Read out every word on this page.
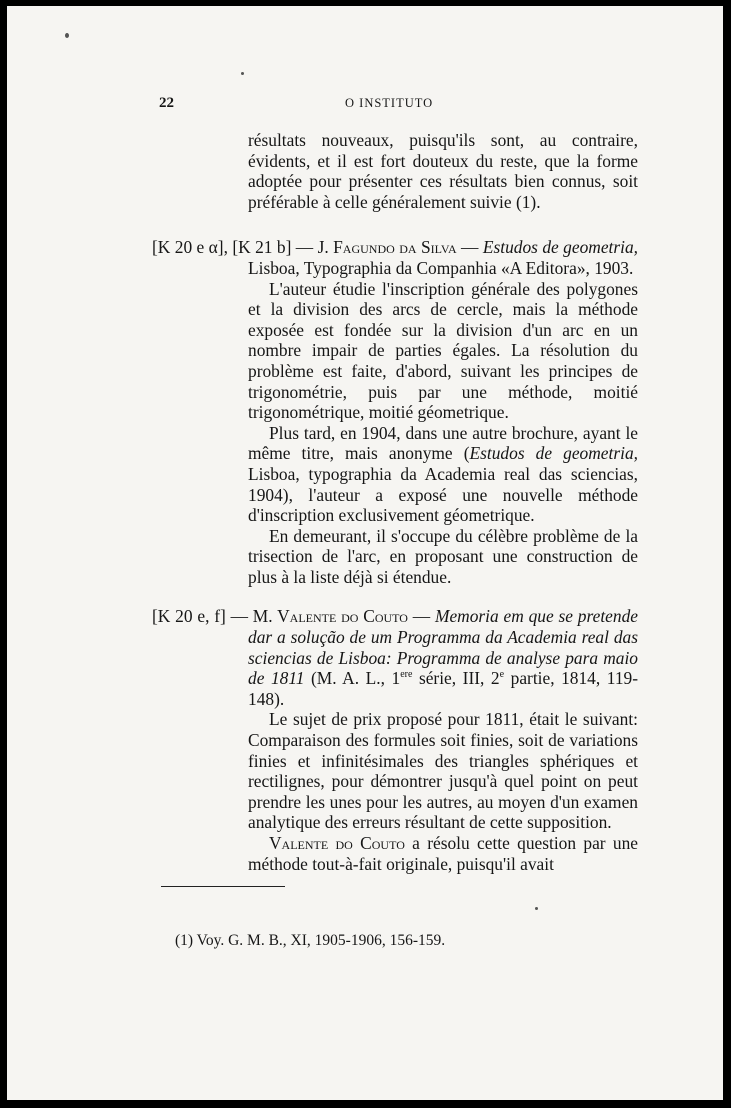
22	O INSTITUTO

résultats nouveaux, puisqu'ils sont, au contraire, évidents, et il est fort douteux du reste, que la forme adoptée pour présenter ces résultats bien connus, soit préférable à celle généralement suivie (1).

[K 20 e α], [K 21 b] — J. Fagundo da Silva — Estudos de geometria, Lisboa, Typographia da Companhia «A Editora», 1903.

L'auteur étudie l'inscription générale des polygones et la division des arcs de cercle, mais la méthode exposée est fondée sur la division d'un arc en un nombre impair de parties égales. La résolution du problème est faite, d'abord, suivant les principes de trigonométrie, puis par une méthode, moitié trigonométrique, moitié géometrique.

Plus tard, en 1904, dans une autre brochure, ayant le même titre, mais anonyme (Estudos de geometria, Lisboa, typographia da Academia real das sciencias, 1904), l'auteur a exposé une nouvelle méthode d'inscription exclusivement géometrique.

En demeurant, il s'occupe du célèbre problème de la trisection de l'arc, en proposant une construction de plus à la liste déjà si étendue.

[K 20 e, f] — M. Valente do Couto — Memoria em que se pretende dar a solução de um Programma da Academia real das sciencias de Lisboa: Programma de analyse para maio de 1811 (M. A. L., 1ere série, III, 2e partie, 1814, 119-148).

Le sujet de prix proposé pour 1811, était le suivant: Comparaison des formules soit finies, soit de variations finies et infinitésimales des triangles sphériques et rectilignes, pour démontrer jusqu'à quel point on peut prendre les unes pour les autres, au moyen d'un examen analytique des erreurs résultant de cette supposition.

Valente do Couto a résolu cette question par une méthode tout-à-fait originale, puisqu'il avait

(1) Voy. G. M. B., XI, 1905-1906, 156-159.
